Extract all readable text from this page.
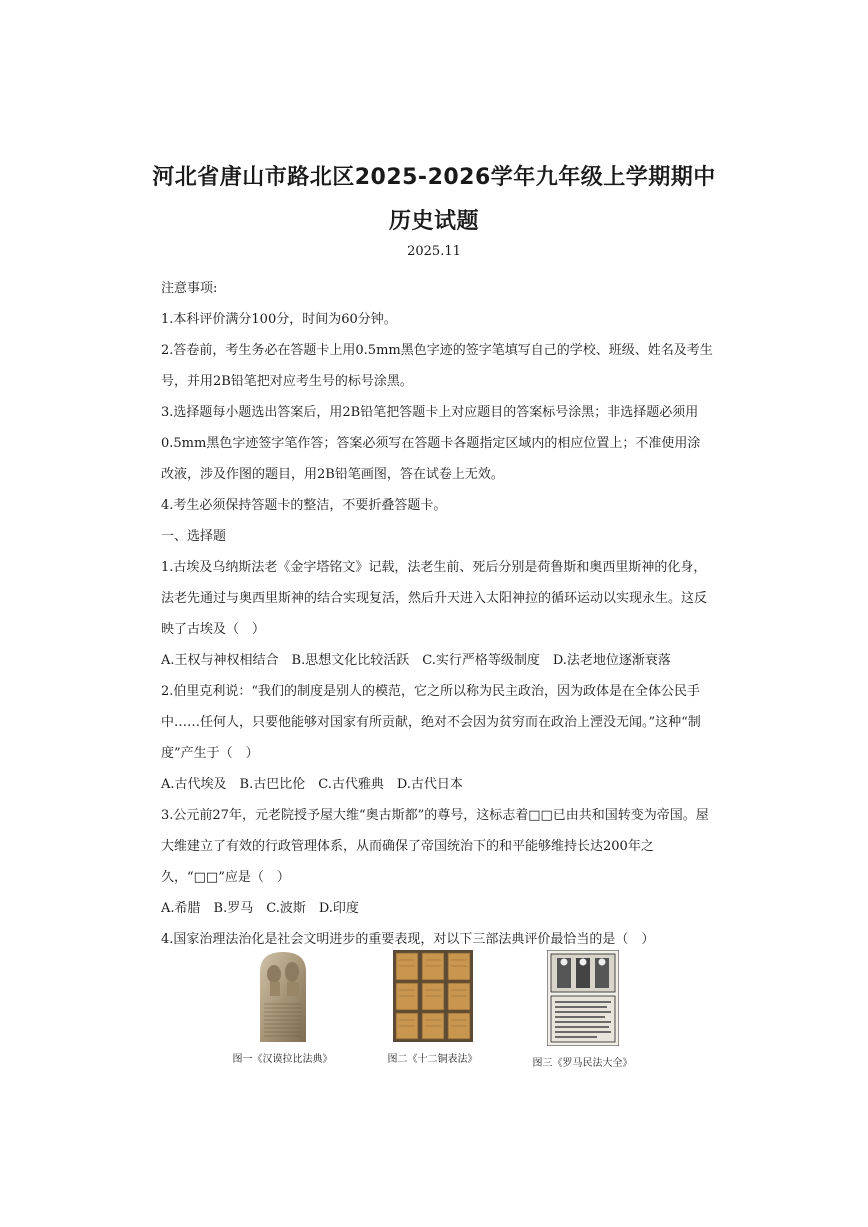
河北省唐山市路北区2025-2026学年九年级上学期期中
历史试题
2025.11

注意事项:

1.本科评价满分100分，时间为60分钟。

2.答卷前，考生务必在答题卡上用0.5mm黑色字迹的签字笔填写自己的学校、班级、姓名及考生号，并用2B铅笔把对应考生号的标号涂黑。

3.选择题每小题选出答案后，用2B铅笔把答题卡上对应题目的答案标号涂黑；非选择题必须用0.5mm黑色字迹签字笔作答；答案必须写在答题卡各题指定区域内的相应位置上；不准使用涂改液，涉及作图的题目，用2B铅笔画图，答在试卷上无效。

4.考生必须保持答题卡的整洁，不要折叠答题卡。

一、选择题

1.古埃及乌纳斯法老《金字塔铭文》记载，法老生前、死后分别是荷鲁斯和奥西里斯神的化身，法老先通过与奥西里斯神的结合实现复活，然后升天进入太阳神拉的循环运动以实现永生。这反映了古埃及（　）

A.王权与神权相结合　B.思想文化比较活跃　C.实行严格等级制度　D.法老地位逐渐衰落

2.伯里克利说：“我们的制度是别人的模范，它之所以称为民主政治，因为政体是在全体公民手中……任何人，只要他能够对国家有所贡献，绝对不会因为贫穷而在政治上湮没无闻。”这种“制度”产生于（　）

A.古代埃及　B.古巴比伦　C.古代雅典　D.古代日本

3.公元前27年，元老院授予屋大维“奥古斯都”的尊号，这标志着□□已由共和国转变为帝国。屋大维建立了有效的行政管理体系，从而确保了帝国统治下的和平能够维持长达200年之久，“□□”应是（　）

A.希腊　B.罗马　C.波斯　D.印度

4.国家治理法治化是社会文明进步的重要表现，对以下三部法典评价最恰当的是（　）

图一《汉谟拉比法典》	图二《十二铜表法》	图三《罗马民法大全》
